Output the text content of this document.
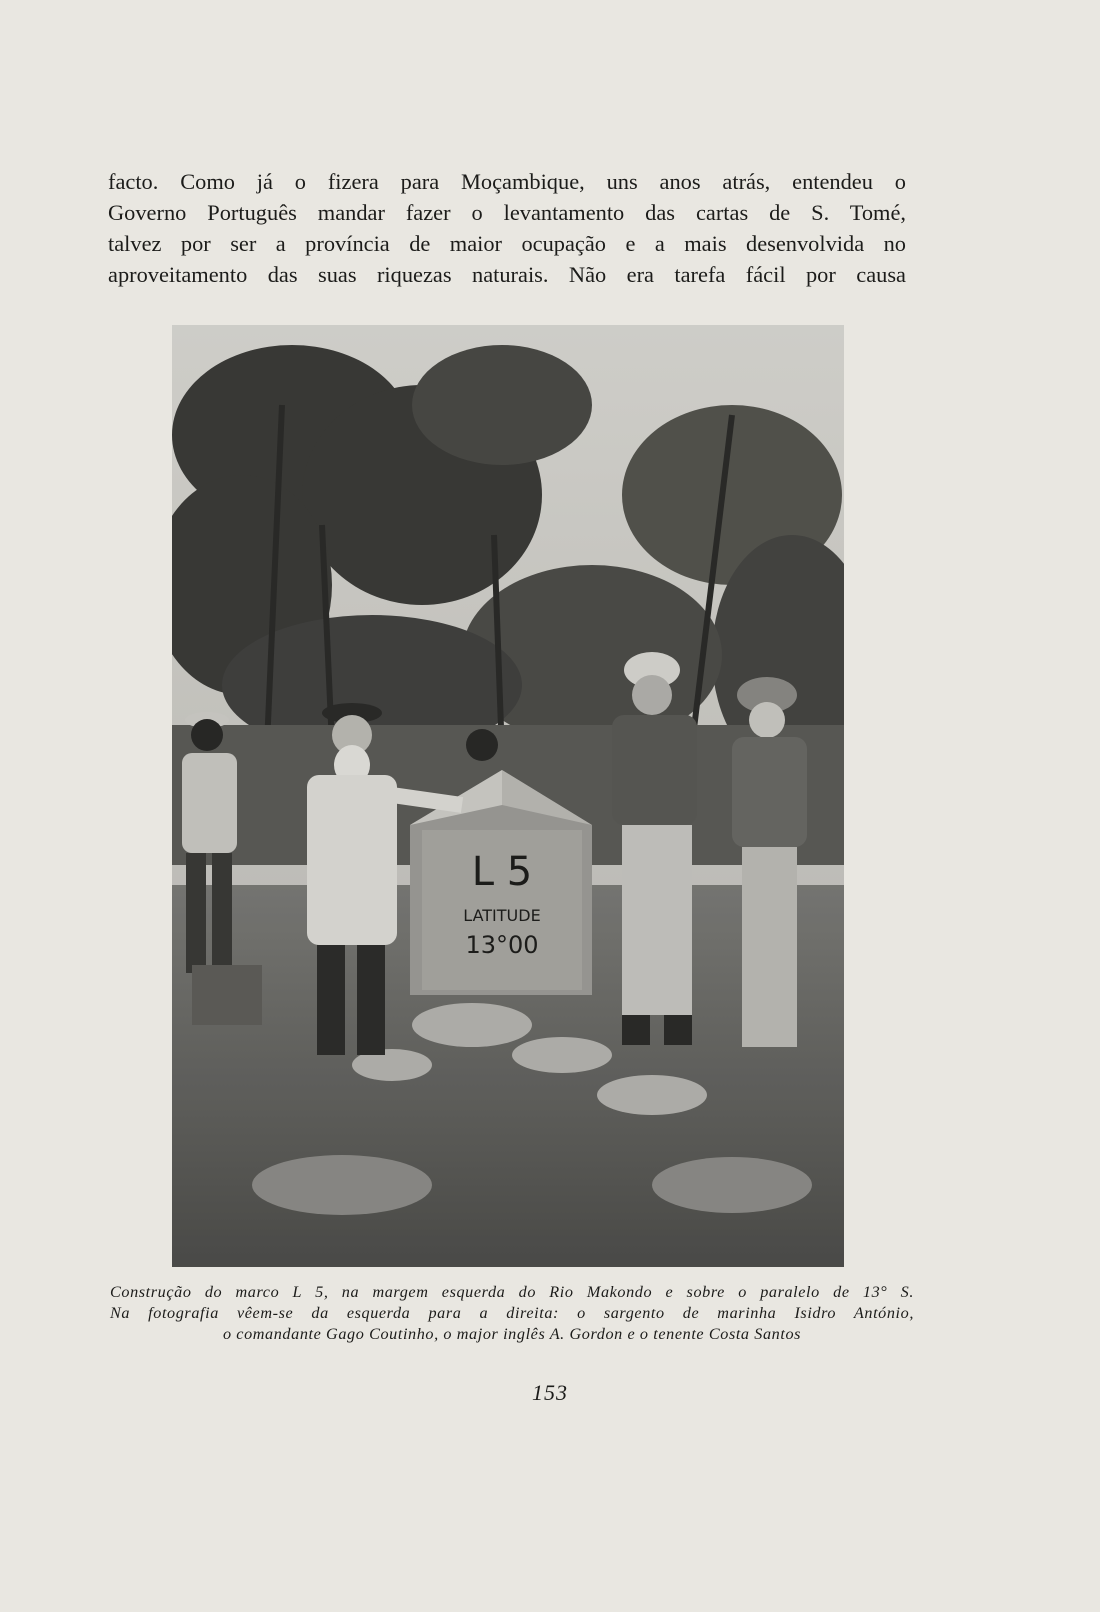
facto. Como já o fizera para Moçambique, uns anos atrás, entendeu o
Governo Português mandar fazer o levantamento das cartas de S. Tomé,
talvez por ser a província de maior ocupação e a mais desenvolvida no
aproveitamento das suas riquezas naturais. Não era tarefa fácil por causa
L 5
LATITUDE
13°00
Construção do marco L 5, na margem esquerda do Rio Makondo e sobre o paralelo de 13° S.
Na fotografia vêem-se da esquerda para a direita: o sargento de marinha Isidro António,
o comandante Gago Coutinho, o major inglês A. Gordon e o tenente Costa Santos
153
